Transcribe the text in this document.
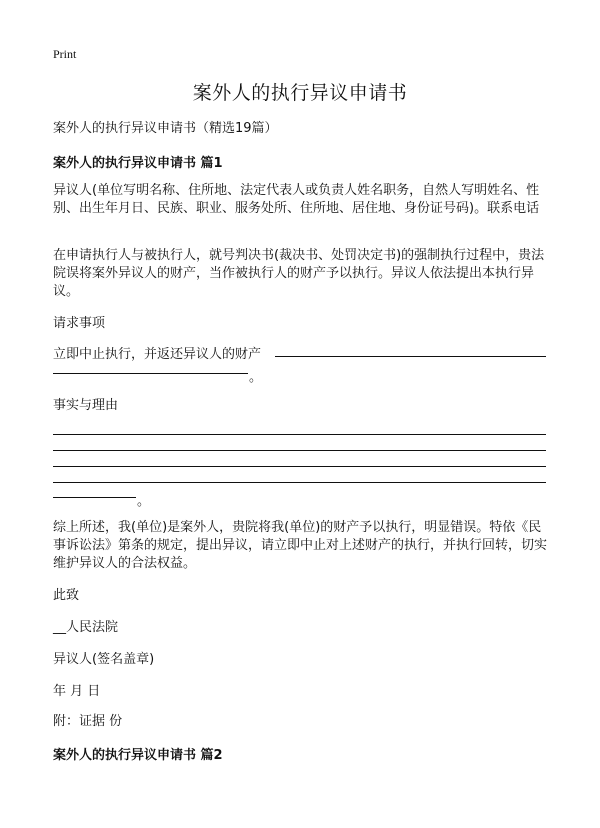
Print
案外人的执行异议申请书
案外人的执行异议申请书（精选19篇）
案外人的执行异议申请书 篇1
异议人(单位写明名称、住所地、法定代表人或负责人姓名职务，自然人写明姓名、性别、出生年月日、民族、职业、服务处所、住所地、居住地、身份证号码)。联系电话
在申请执行人与被执行人，就号判决书(裁决书、处罚决定书)的强制执行过程中，贵法院误将案外异议人的财产，当作被执行人的财产予以执行。异议人依法提出本执行异议。
请求事项
立即中止执行，并返还异议人的财产
。
事实与理由
。
综上所述，我(单位)是案外人，贵院将我(单位)的财产予以执行，明显错误。特依《民事诉讼法》第条的规定，提出异议，请立即中止对上述财产的执行，并执行回转，切实维护异议人的合法权益。
此致
__人民法院
异议人(签名盖章)
年 月 日
附：证据 份
案外人的执行异议申请书 篇2
